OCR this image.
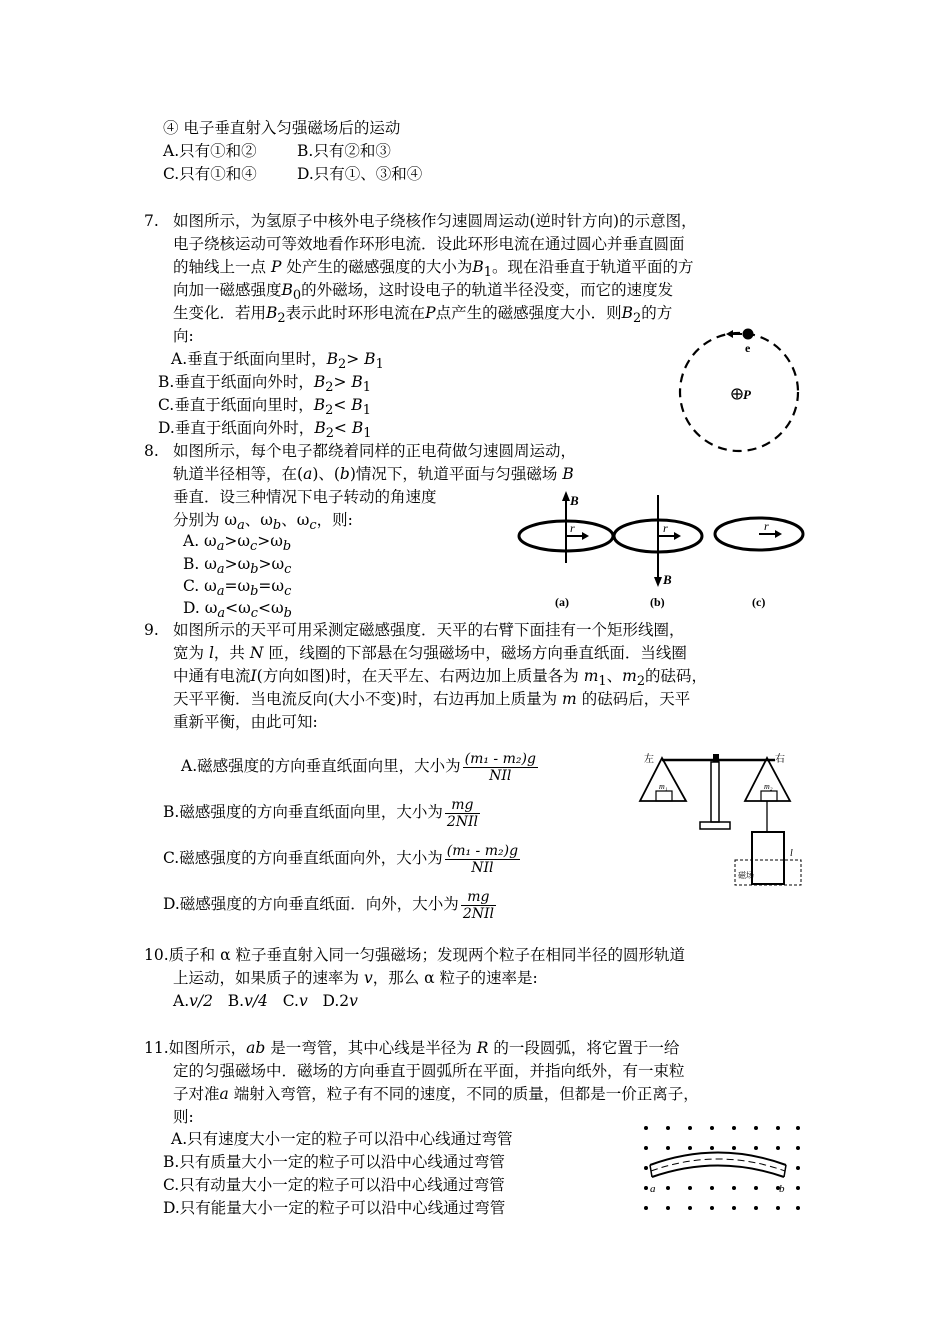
④ 电子垂直射入匀强磁场后的运动
A.只有①和②	B.只有②和③
C.只有①和④	D.只有①、③和④
7. 如图所示，为氢原子中核外电子绕核作匀速圆周运动(逆时针方向)的示意图，
电子绕核运动可等效地看作环形电流．设此环形电流在通过圆心并垂直圆面
的轴线上一点 P 处产生的磁感强度的大小为$B_1$。现在沿垂直于轨道平面的方
向加一磁感强度$B_0$的外磁场，这时设电子的轨道半径没变，而它的速度发
生变化．若用$B_2$表示此时环形电流在P点产生的磁感强度大小．则$B_2$的方
向:
A.垂直于纸面向里时，$B_2> B_1$
B.垂直于纸面向外时，$B_2> B_1$
C.垂直于纸面向里时，$B_2< B_1$
D.垂直于纸面向外时，$B_2< B_1$
e
P
8. 如图所示，每个电子都绕着同样的正电荷做匀速圆周运动，
轨道半径相等，在(a)、(b)情况下，轨道平面与匀强磁场 B
垂直．设三种情况下电子转动的角速度
分别为 $\omega_a$、$\omega_b$、$\omega_c$，则:
A. $\omega_a>\omega_c>\omega_b$
B. $\omega_a>\omega_b>\omega_c$
C. $\omega_a=\omega_b=\omega_c$
D. $\omega_a<\omega_c<\omega_b$
B
r
(a)
B
r
(b)
r
(c)
9. 如图所示的天平可用采测定磁感强度．天平的右臂下面挂有一个矩形线圈，
宽为 l，共 N 匝，线圈的下部悬在匀强磁场中，磁场方向垂直纸面．当线圈
中通有电流I(方向如图)时，在天平左、右两边加上质量各为 $m_1$、$m_2$的砝码，
天平平衡．当电流反向(大小不变)时，右边再加上质量为 m 的砝码后，天平
重新平衡，由此可知:
A.磁感强度的方向垂直纸面向里，大小为 $\frac{\text{(m₁ - m₂)g}}{\text{NIl}}$
B.磁感强度的方向垂直纸面向里，大小为 $\frac{mg}{\text{2NIl}}$
C.磁感强度的方向垂直纸面向外，大小为 $\frac{\text{(m₁ - m₂)g}}{\text{NIl}}$
D.磁感强度的方向垂直纸面．向外，大小为 $\frac{mg}{\text{2NIl}}$
左	右
m₁	m₂
磁场
l
10.质子和 α 粒子垂直射入同一匀强磁场；发现两个粒子在相同半径的圆形轨道
上运动，如果质子的速率为 v，那么 α 粒子的速率是:
A.v/2 B.v/4 C.v D.2v
11.如图所示，ab 是一弯管，其中心线是半径为 R 的一段圆弧，将它置于一给
定的匀强磁场中．磁场的方向垂直于圆弧所在平面，并指向纸外，有一束粒
子对准a 端射入弯管，粒子有不同的速度，不同的质量，但都是一价正离子，
则:
A.只有速度大小一定的粒子可以沿中心线通过弯管
B.只有质量大小一定的粒子可以沿中心线通过弯管
C.只有动量大小一定的粒子可以沿中心线通过弯管
D.只有能量大小一定的粒子可以沿中心线通过弯管
a	b
